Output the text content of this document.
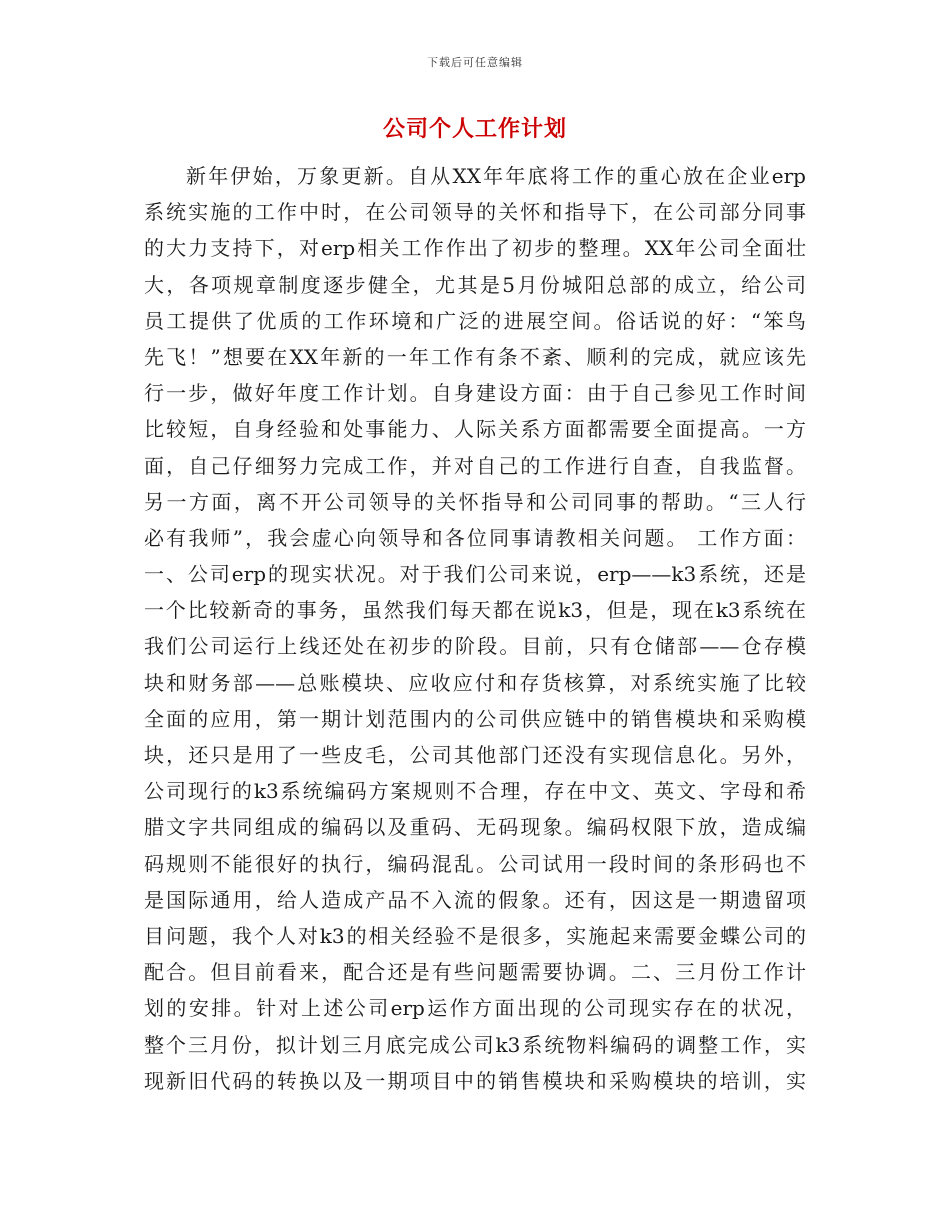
下载后可任意编辑
公司个人工作计划
新年伊始，万象更新。自从XX年年底将工作的重心放在企业erp
系统实施的工作中时，在公司领导的关怀和指导下，在公司部分同事
的大力支持下，对erp相关工作作出了初步的整理。XX年公司全面壮
大，各项规章制度逐步健全，尤其是5月份城阳总部的成立，给公司
员工提供了优质的工作环境和广泛的进展空间。俗话说的好：“笨鸟
先飞！”想要在XX年新的一年工作有条不紊、顺利的完成，就应该先
行一步，做好年度工作计划。自身建设方面：由于自己参见工作时间
比较短，自身经验和处事能力、人际关系方面都需要全面提高。一方
面，自己仔细努力完成工作，并对自己的工作进行自查，自我监督。
另一方面，离不开公司领导的关怀指导和公司同事的帮助。“三人行
必有我师”，我会虚心向领导和各位同事请教相关问题。 工作方面：
一、公司erp的现实状况。对于我们公司来说，erp——k3系统，还是
一个比较新奇的事务，虽然我们每天都在说k3，但是，现在k3系统在
我们公司运行上线还处在初步的阶段。目前，只有仓储部——仓存模
块和财务部——总账模块、应收应付和存货核算，对系统实施了比较
全面的应用，第一期计划范围内的公司供应链中的销售模块和采购模
块，还只是用了一些皮毛，公司其他部门还没有实现信息化。另外，
公司现行的k3系统编码方案规则不合理，存在中文、英文、字母和希
腊文字共同组成的编码以及重码、无码现象。编码权限下放，造成编
码规则不能很好的执行，编码混乱。公司试用一段时间的条形码也不
是国际通用，给人造成产品不入流的假象。还有，因这是一期遗留项
目问题，我个人对k3的相关经验不是很多，实施起来需要金蝶公司的
配合。但目前看来，配合还是有些问题需要协调。二、三月份工作计
划的安排。针对上述公司erp运作方面出现的公司现实存在的状况，
整个三月份，拟计划三月底完成公司k3系统物料编码的调整工作，实
现新旧代码的转换以及一期项目中的销售模块和采购模块的培训，实
